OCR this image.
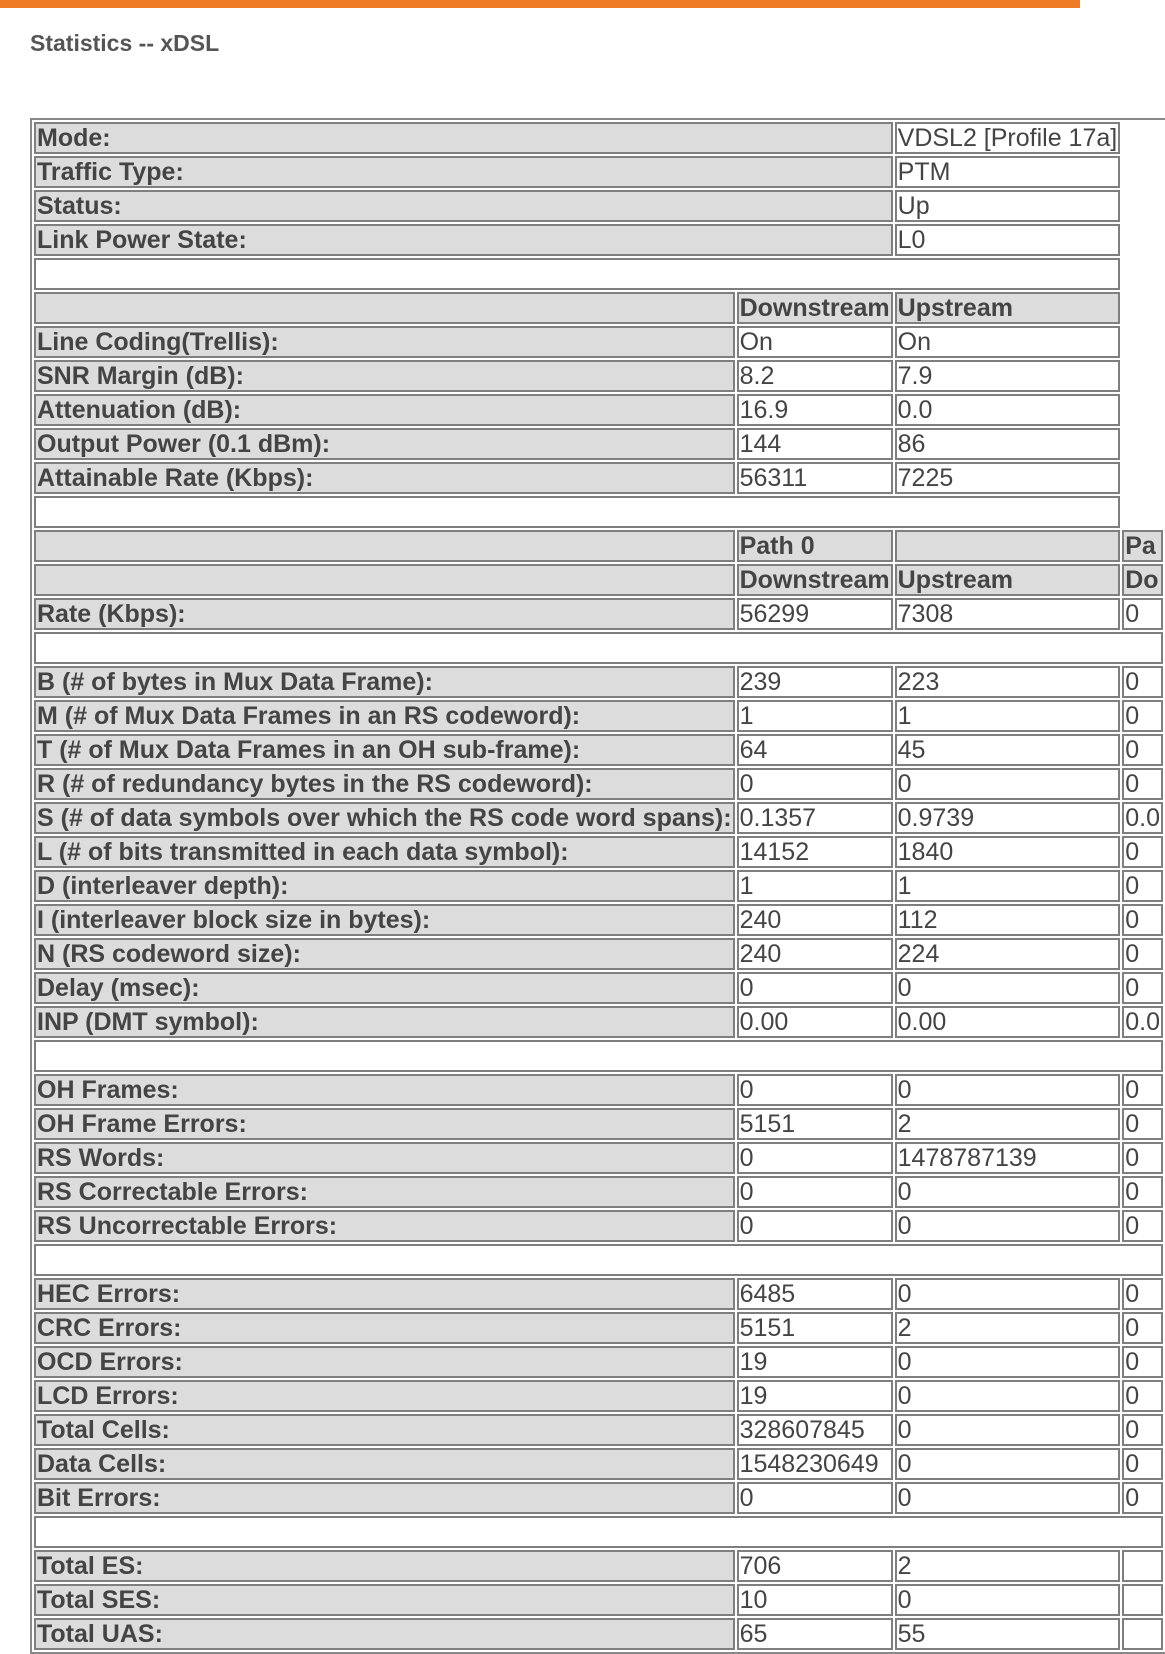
Statistics -- xDSL
Mode:		VDSL2 [Profile 17a]	
Traffic Type:		PTM	
Status:		Up	
Link Power State:		L0	

	Downstream	Upstream	
Line Coding(Trellis):	On	On	
SNR Margin (dB):	8.2	7.9	
Attenuation (dB):	16.9	0.0	
Output Power (0.1 dBm):	144	86	
Attainable Rate (Kbps):	56311	7225	

	Path 0		Pa
	Downstream	Upstream	Do
Rate (Kbps):	56299	7308	0

B (# of bytes in Mux Data Frame):	239	223	0
M (# of Mux Data Frames in an RS codeword):	1	1	0
T (# of Mux Data Frames in an OH sub-frame):	64	45	0
R (# of redundancy bytes in the RS codeword):	0	0	0
S (# of data symbols over which the RS code word spans):	0.1357	0.9739	0.0
L (# of bits transmitted in each data symbol):	14152	1840	0
D (interleaver depth):	1	1	0
I (interleaver block size in bytes):	240	112	0
N (RS codeword size):	240	224	0
Delay (msec):	0	0	0
INP (DMT symbol):	0.00	0.00	0.0

OH Frames:	0	0	0
OH Frame Errors:	5151	2	0
RS Words:	0	1478787139	0
RS Correctable Errors:	0	0	0
RS Uncorrectable Errors:	0	0	0

HEC Errors:	6485	0	0
CRC Errors:	5151	2	0
OCD Errors:	19	0	0
LCD Errors:	19	0	0
Total Cells:	328607845	0	0
Data Cells:	1548230649	0	0
Bit Errors:	0	0	0

Total ES:	706	2	
Total SES:	10	0	
Total UAS:	65	55	
